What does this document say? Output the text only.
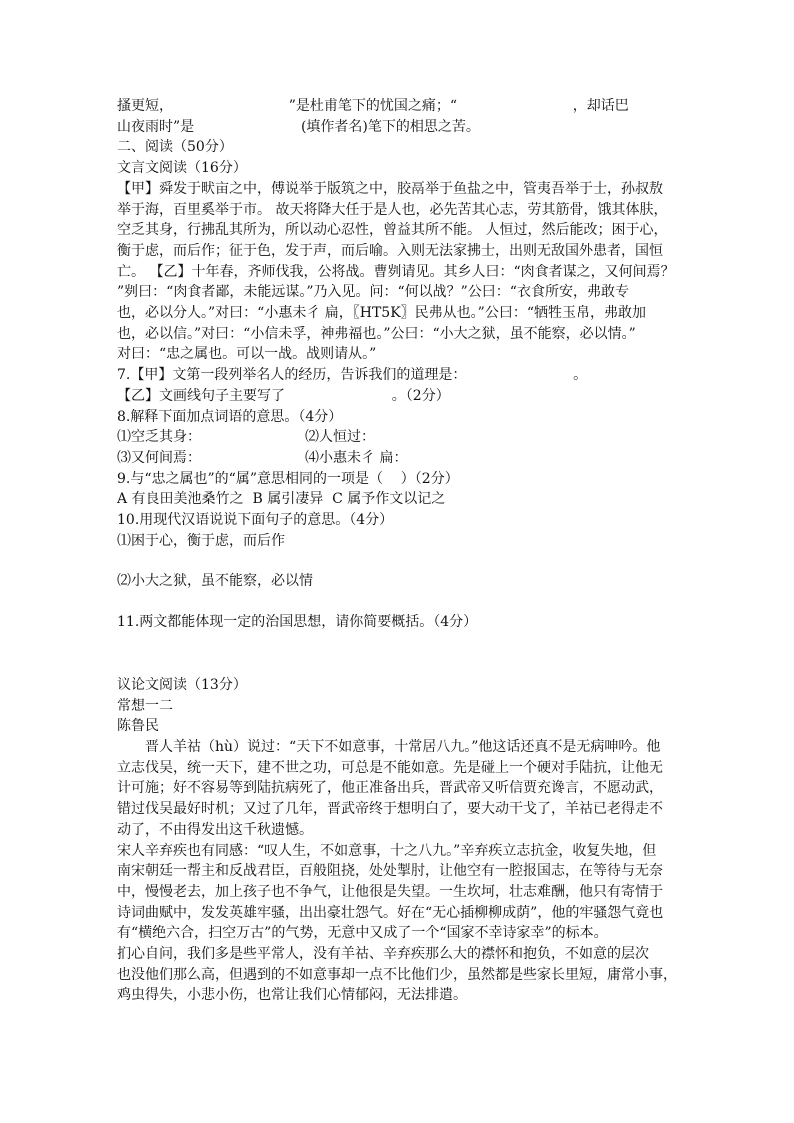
搔更短，                          ”是杜甫笔下的忧国之痛；“                          ，却话巴

山夜雨时”是                        (填作者名)笔下的相思之苦。

二、阅读（50分）

文言文阅读（16分）

【甲】舜发于畎亩之中，傅说举于版筑之中，胶鬲举于鱼盐之中，管夷吾举于士，孙叔敖

举于海，百里奚举于市。 故天将降大任于是人也，必先苦其心志，劳其筋骨，饿其体肤，

空乏其身，行拂乱其所为，所以动心忍性，曾益其所不能。 人恒过，然后能改；困于心，

衡于虑，而后作；征于色，发于声，而后喻。入则无法家拂士，出则无敌国外患者，国恒

亡。 【乙】十年春，齐师伐我，公将战。曹刿请见。其乡人曰：“肉食者谋之，又何间焉？

”刿曰：“肉食者鄙，未能远谋。”乃入见。问：“何以战？”公曰：“衣食所安，弗敢专

也，必以分人。”对曰：“小惠未彳 扁，〖HT5K〗民弗从也。”公曰：“牺牲玉帛，弗敢加

也，必以信。”对曰：“小信未孚，神弗福也。”公曰：“小大之狱，虽不能察，必以情。”

对曰：“忠之属也。可以一战。战则请从。”

7.【甲】文第一段列举名人的经历，告诉我们的道理是：                        。

【乙】文画线句子主要写了                        。（2分）

8.解释下面加点词语的意思。（4分）

⑴空乏其身：	⑵人恒过：

⑶又何间焉：	⑷小惠未彳 扁：

9.与“忠之属也”的“属”意思相同的一项是（    ）（2分）

A 有良田美池桑竹之  B 属引凄异  C 属予作文以记之

10.用现代汉语说说下面句子的意思。（4分）

⑴困于心，衡于虑，而后作

⑵小大之狱，虽不能察，必以情

11.两文都能体现一定的治国思想，请你简要概括。（4分）

议论文阅读（13分）

常想一二

陈鲁民

晋人羊祜（hù）说过：“天下不如意事，十常居八九。”他这话还真不是无病呻吟。他

立志伐吴，统一天下，建不世之功，可总是不能如意。先是碰上一个硬对手陆抗，让他无

计可施；好不容易等到陆抗病死了，他正准备出兵，晋武帝又听信贾充谗言，不愿动武，

错过伐吴最好时机；又过了几年，晋武帝终于想明白了，要大动干戈了，羊祜已老得走不

动了，不由得发出这千秋遗憾。

宋人辛弃疾也有同感：“叹人生，不如意事，十之八九。”辛弃疾立志抗金，收复失地，但

南宋朝廷一帮主和反战君臣，百般阻挠，处处掣肘，让他空有一腔报国志，在等待与无奈

中，慢慢老去，加上孩子也不争气，让他很是失望。一生坎坷，壮志难酬，他只有寄情于

诗词曲赋中，发发英雄牢骚，出出豪壮怨气。好在“无心插柳柳成荫”，他的牢骚怨气竟也

有“横绝六合，扫空万古”的气势，无意中又成了一个“国家不幸诗家幸”的标本。

扪心自问，我们多是些平常人，没有羊祜、辛弃疾那么大的襟怀和抱负，不如意的层次

也没他们那么高，但遇到的不如意事却一点不比他们少，虽然都是些家长里短，庸常小事，

鸡虫得失，小悲小伤，也常让我们心情郁闷，无法排遣。
